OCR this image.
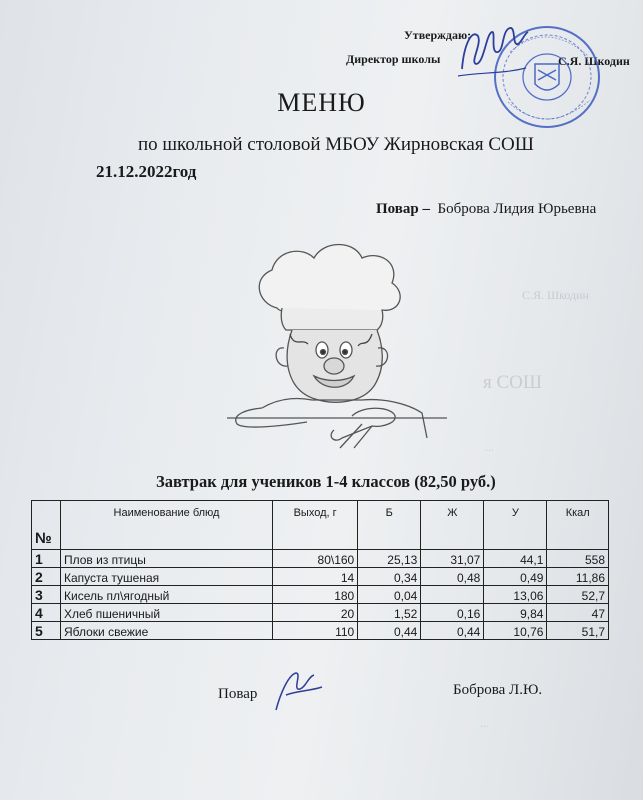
Утверждаю:
Директор школы	С.Я. Шкодин
МЕНЮ
по школьной столовой МБОУ Жирновская СОШ
21.12.2022год
Повар – Боброва Лидия Юрьевна
С.Я. Шкодин
я СОШ
...
...
Завтрак для учеников 1-4 классов (82,50 руб.)
№	Наименование блюд	Выход, г	Б	Ж	У	Ккал
1	Плов из птицы	80\160	25,13	31,07	44,1	558
2	Капуста тушеная	14	0,34	0,48	0,49	11,86
3	Кисель пл\ягодный	180	0,04		13,06	52,7
4	Хлеб пшеничный	20	1,52	0,16	9,84	47
5	Яблоки свежие	110	0,44	0,44	10,76	51,7
Повар	Боброва Л.Ю.
